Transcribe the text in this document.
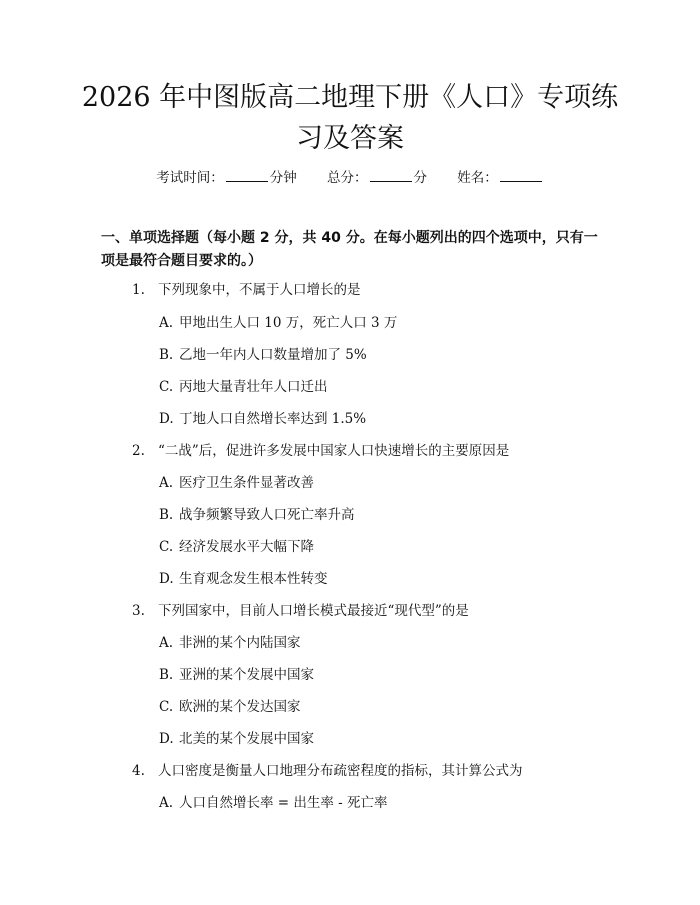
2026 年中图版高二地理下册《人口》专项练
习及答案
考试时间：	分钟 总分：	分 姓名：

一、单项选择题（每小题 2 分，共 40 分。在每小题列出的四个选项中，只有一项是最符合题目要求的。）

1. 下列现象中，不属于人口增长的是
A. 甲地出生人口 10 万，死亡人口 3 万
B. 乙地一年内人口数量增加了 5%
C. 丙地大量青壮年人口迁出
D. 丁地人口自然增长率达到 1.5%
2. “二战”后，促进许多发展中国家人口快速增长的主要原因是
A. 医疗卫生条件显著改善
B. 战争频繁导致人口死亡率升高
C. 经济发展水平大幅下降
D. 生育观念发生根本性转变
3. 下列国家中，目前人口增长模式最接近“现代型”的是
A. 非洲的某个内陆国家
B. 亚洲的某个发展中国家
C. 欧洲的某个发达国家
D. 北美的某个发展中国家
4. 人口密度是衡量人口地理分布疏密程度的指标，其计算公式为
A. 人口自然增长率 = 出生率 - 死亡率
